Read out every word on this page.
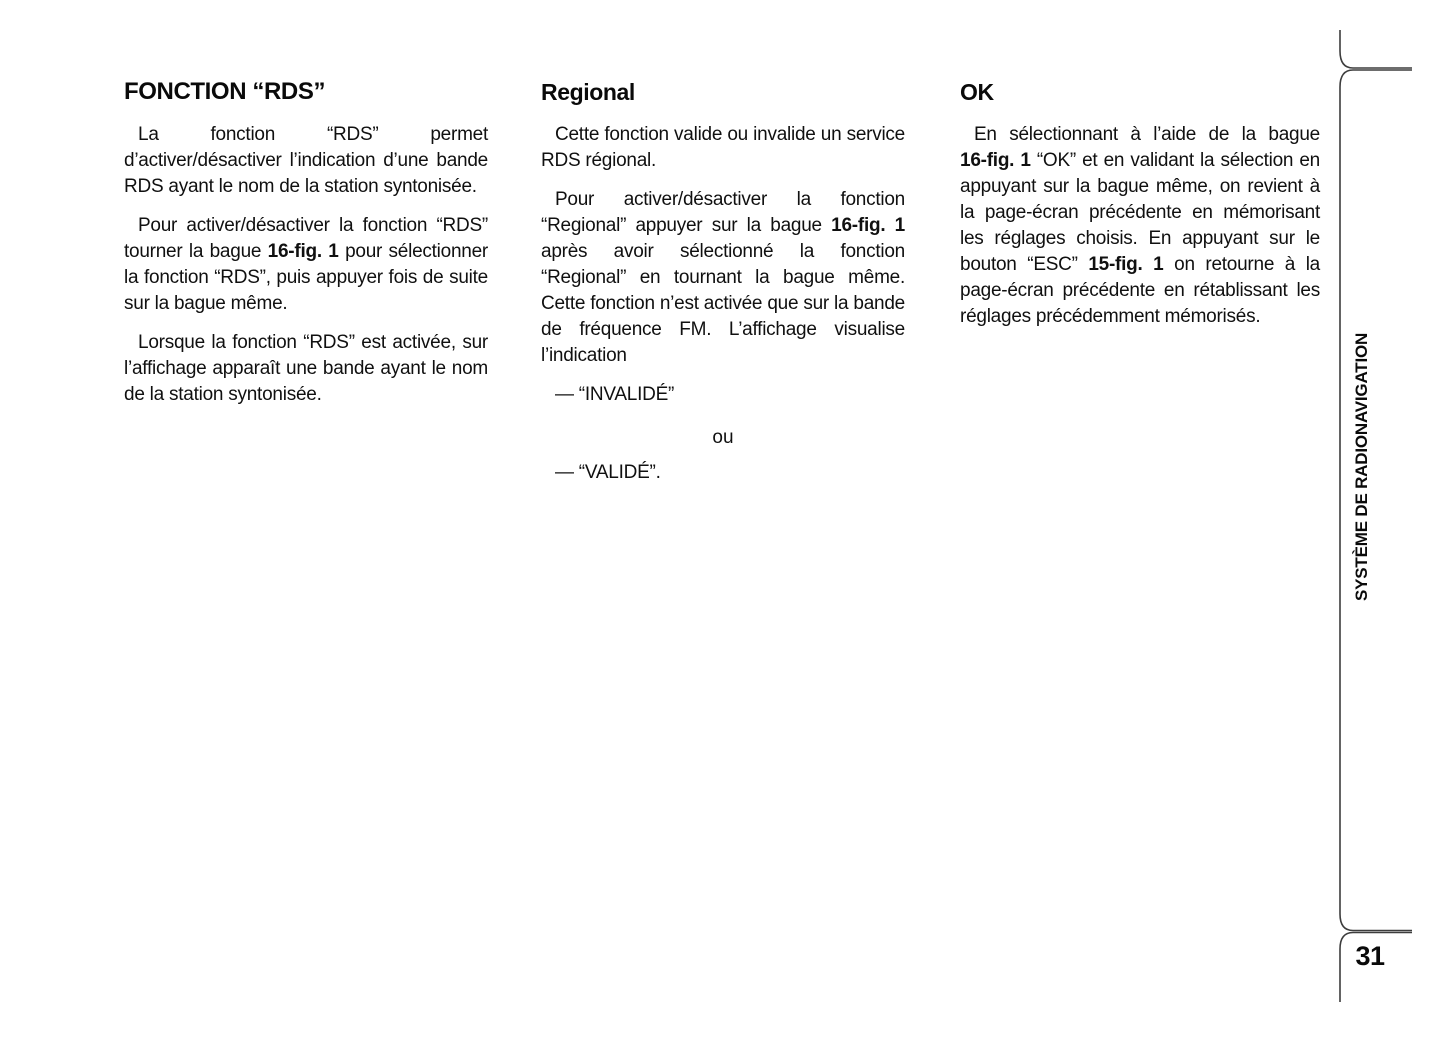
FONCTION “RDS”

La fonction “RDS” permet d’activer/désactiver l’indication d’une bande RDS ayant le nom de la station syntonisée.

Pour activer/désactiver la fonction “RDS” tourner la bague 16-fig. 1 pour sélectionner la fonction “RDS”, puis appuyer fois de suite sur la bague même.

Lorsque la fonction “RDS” est activée, sur l’affichage apparaît une bande ayant le nom de la station syntonisée.

Regional

Cette fonction valide ou invalide un service RDS régional.

Pour activer/désactiver la fonction “Regional” appuyer sur la bague 16-fig. 1 après avoir sélectionné la fonction “Regional” en tournant la bague même. Cette fonction n’est activée que sur la bande de fréquence FM. L’affichage visualise l’indication

— “INVALIDÉ”
ou
— “VALIDÉ”.
OK

En sélectionnant à l’aide de la bague 16-fig. 1 “OK” et en validant la sélection en appuyant sur la bague même, on revient à la page-écran précédente en mémorisant les réglages choisis. En appuyant sur le bouton “ESC” 15-fig. 1 on retourne à la page-écran précédente en rétablissant les réglages précédemment mémorisés.

SYSTÈME DE RADIONAVIGATION
31
